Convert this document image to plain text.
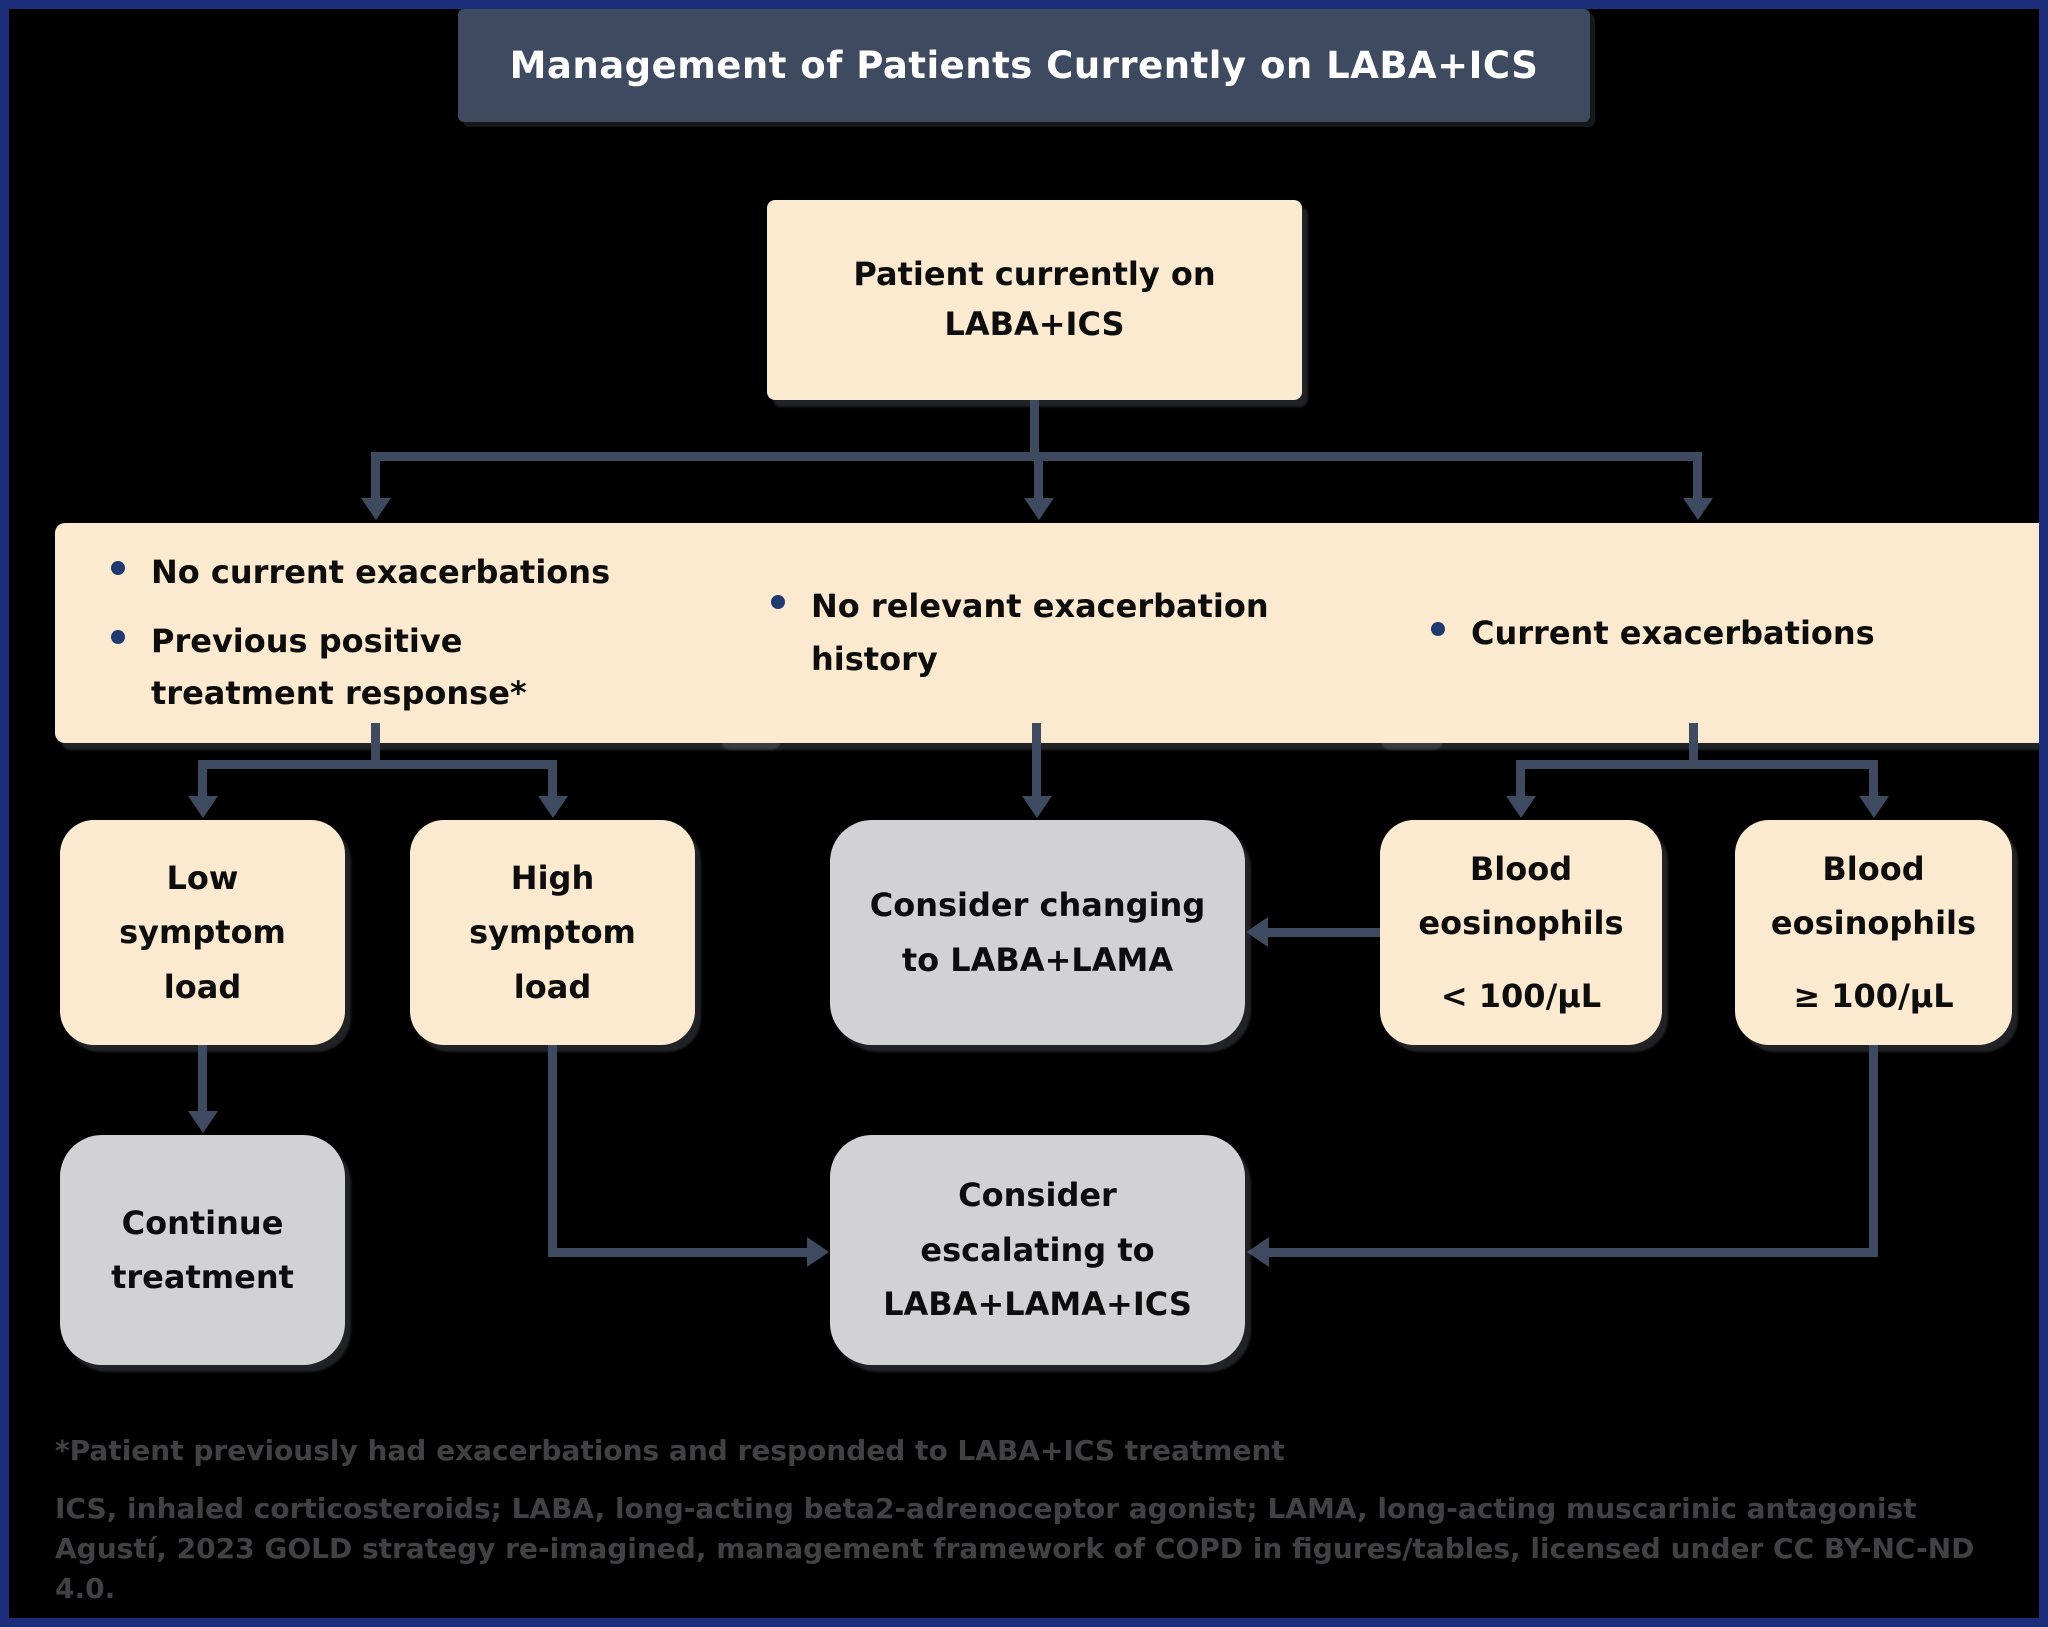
Management of Patients Currently on LABA+ICS
Patient currently on
LABA+ICS
No current exacerbations
Previous positive treatment response*
No relevant exacerbation history
Current exacerbations
Low
symptom
load
High
symptom
load
Consider changing
to LABA+LAMA
Blood
eosinophils
< 100/μL
Blood
eosinophils
≥ 100/μL
Continue
treatment
Consider
escalating to
LABA+LAMA+ICS
*Patient previously had exacerbations and responded to LABA+ICS treatment
ICS, inhaled corticosteroids; LABA, long-acting beta2-adrenoceptor agonist; LAMA, long-acting muscarinic antagonist
Agustí, 2023 GOLD strategy re-imagined, management framework of COPD in figures/tables, licensed under CC BY-NC-ND
4.0.
